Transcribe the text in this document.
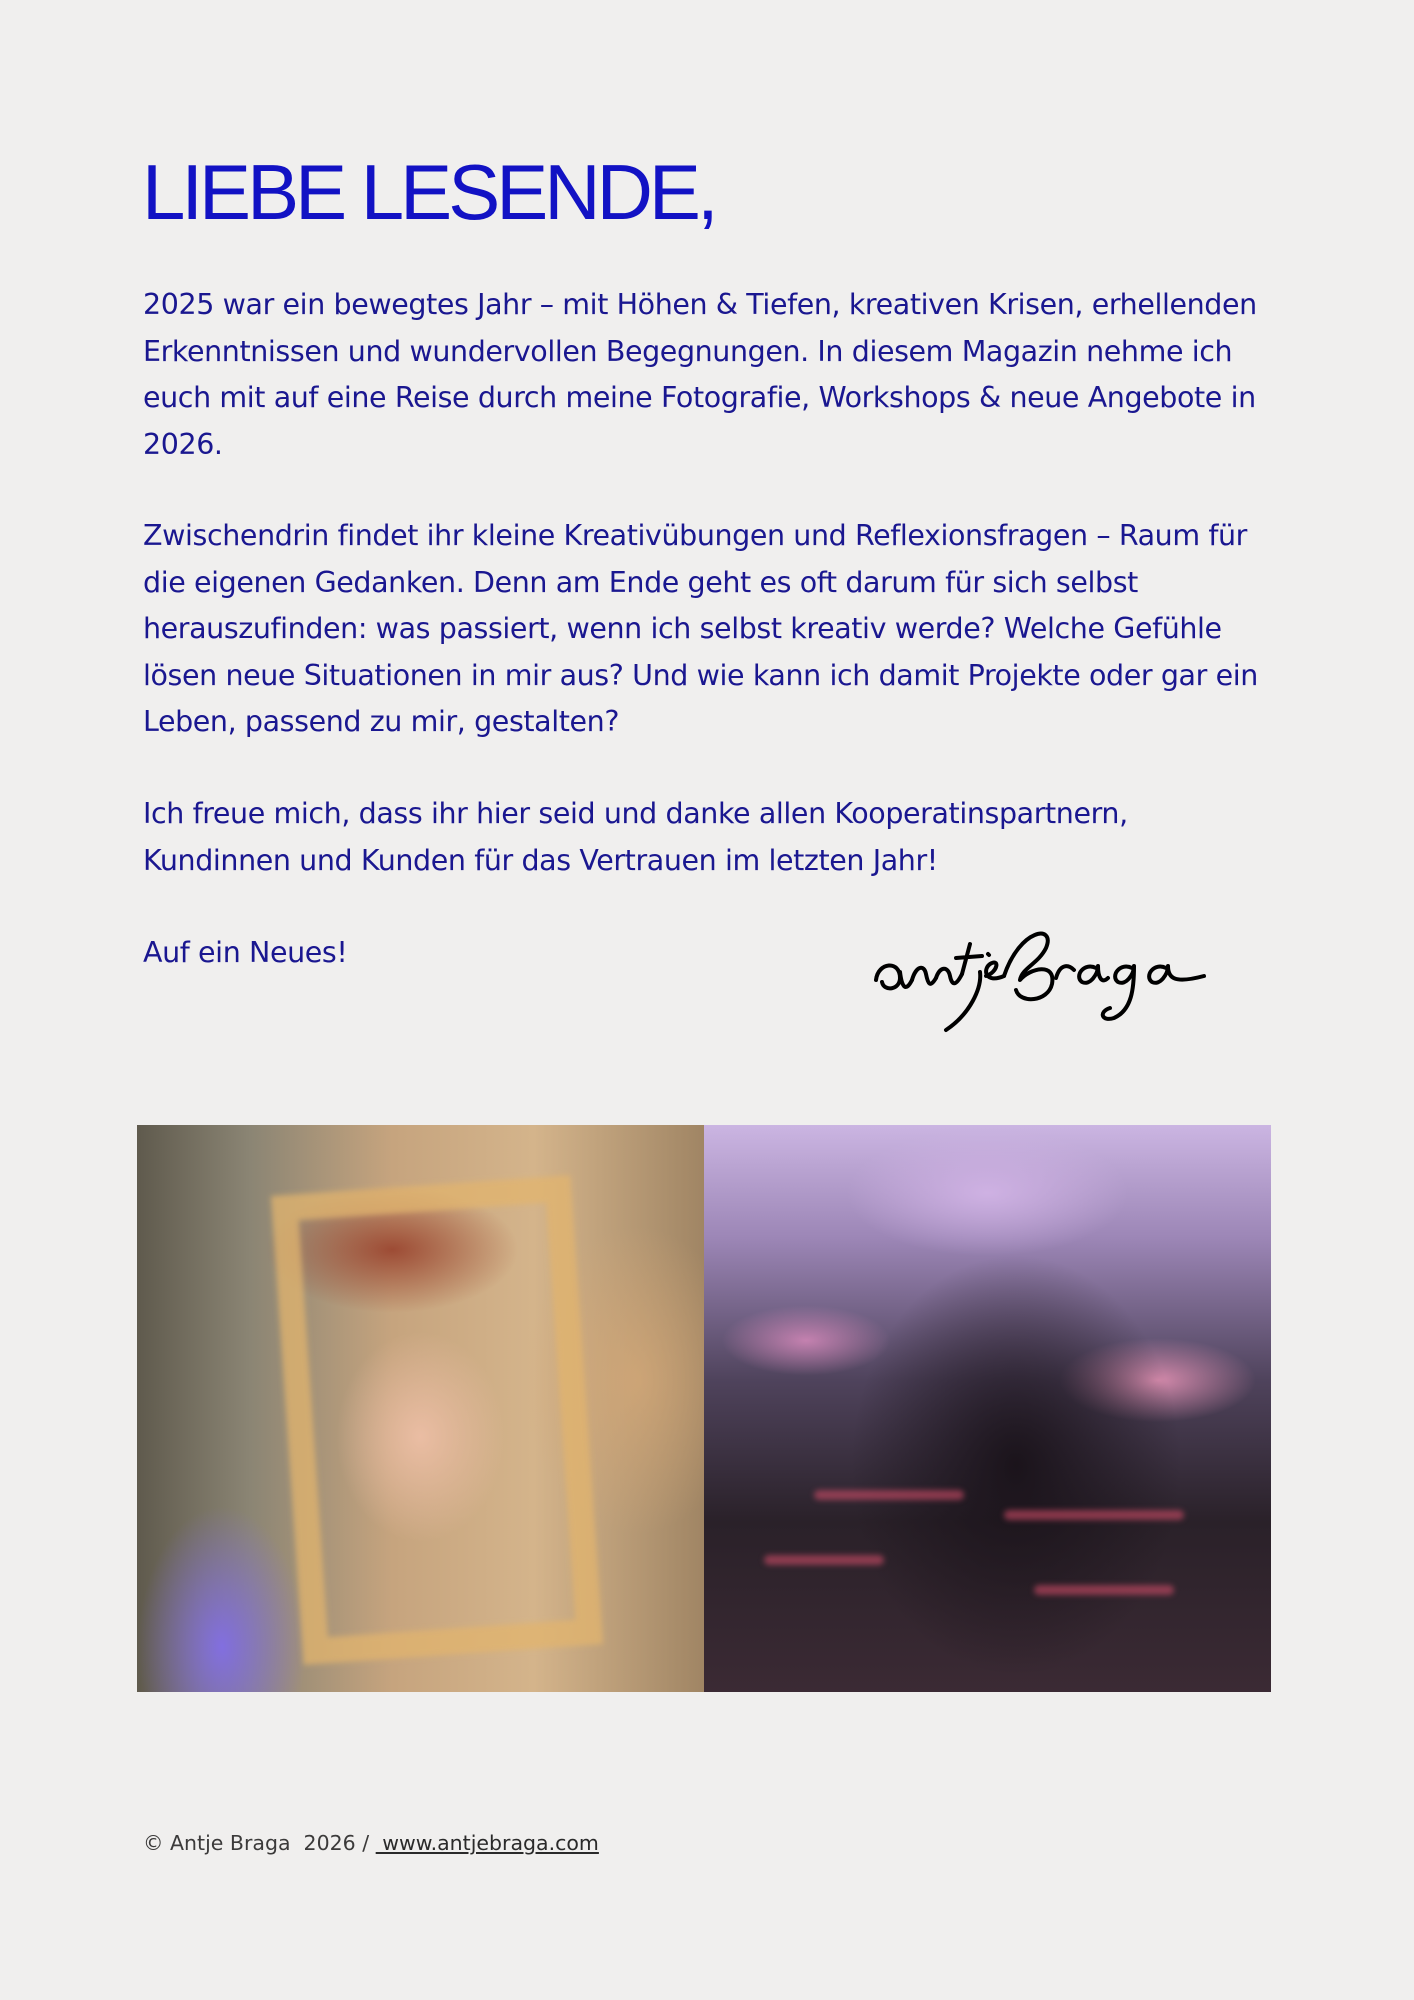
LIEBE LESENDE,

2025 war ein bewegtes Jahr – mit Höhen & Tiefen, kreativen Krisen, erhellenden Erkenntnissen und wundervollen Begegnungen. In diesem Magazin nehme ich euch mit auf eine Reise durch meine Fotografie, Workshops & neue Angebote in 2026.

Zwischendrin findet ihr kleine Kreativübungen und Reflexionsfragen – Raum für die eigenen Gedanken. Denn am Ende geht es oft darum für sich selbst herauszufinden: was passiert, wenn ich selbst kreativ werde? Welche Gefühle lösen neue Situationen in mir aus? Und wie kann ich damit Projekte oder gar ein Leben, passend zu mir, gestalten?

Ich freue mich, dass ihr hier seid und danke allen Kooperatinspartnern, Kundinnen und Kunden für das Vertrauen im letzten Jahr!

Auf ein Neues!

© Antje Braga  2026 /  www.antjebraga.com
